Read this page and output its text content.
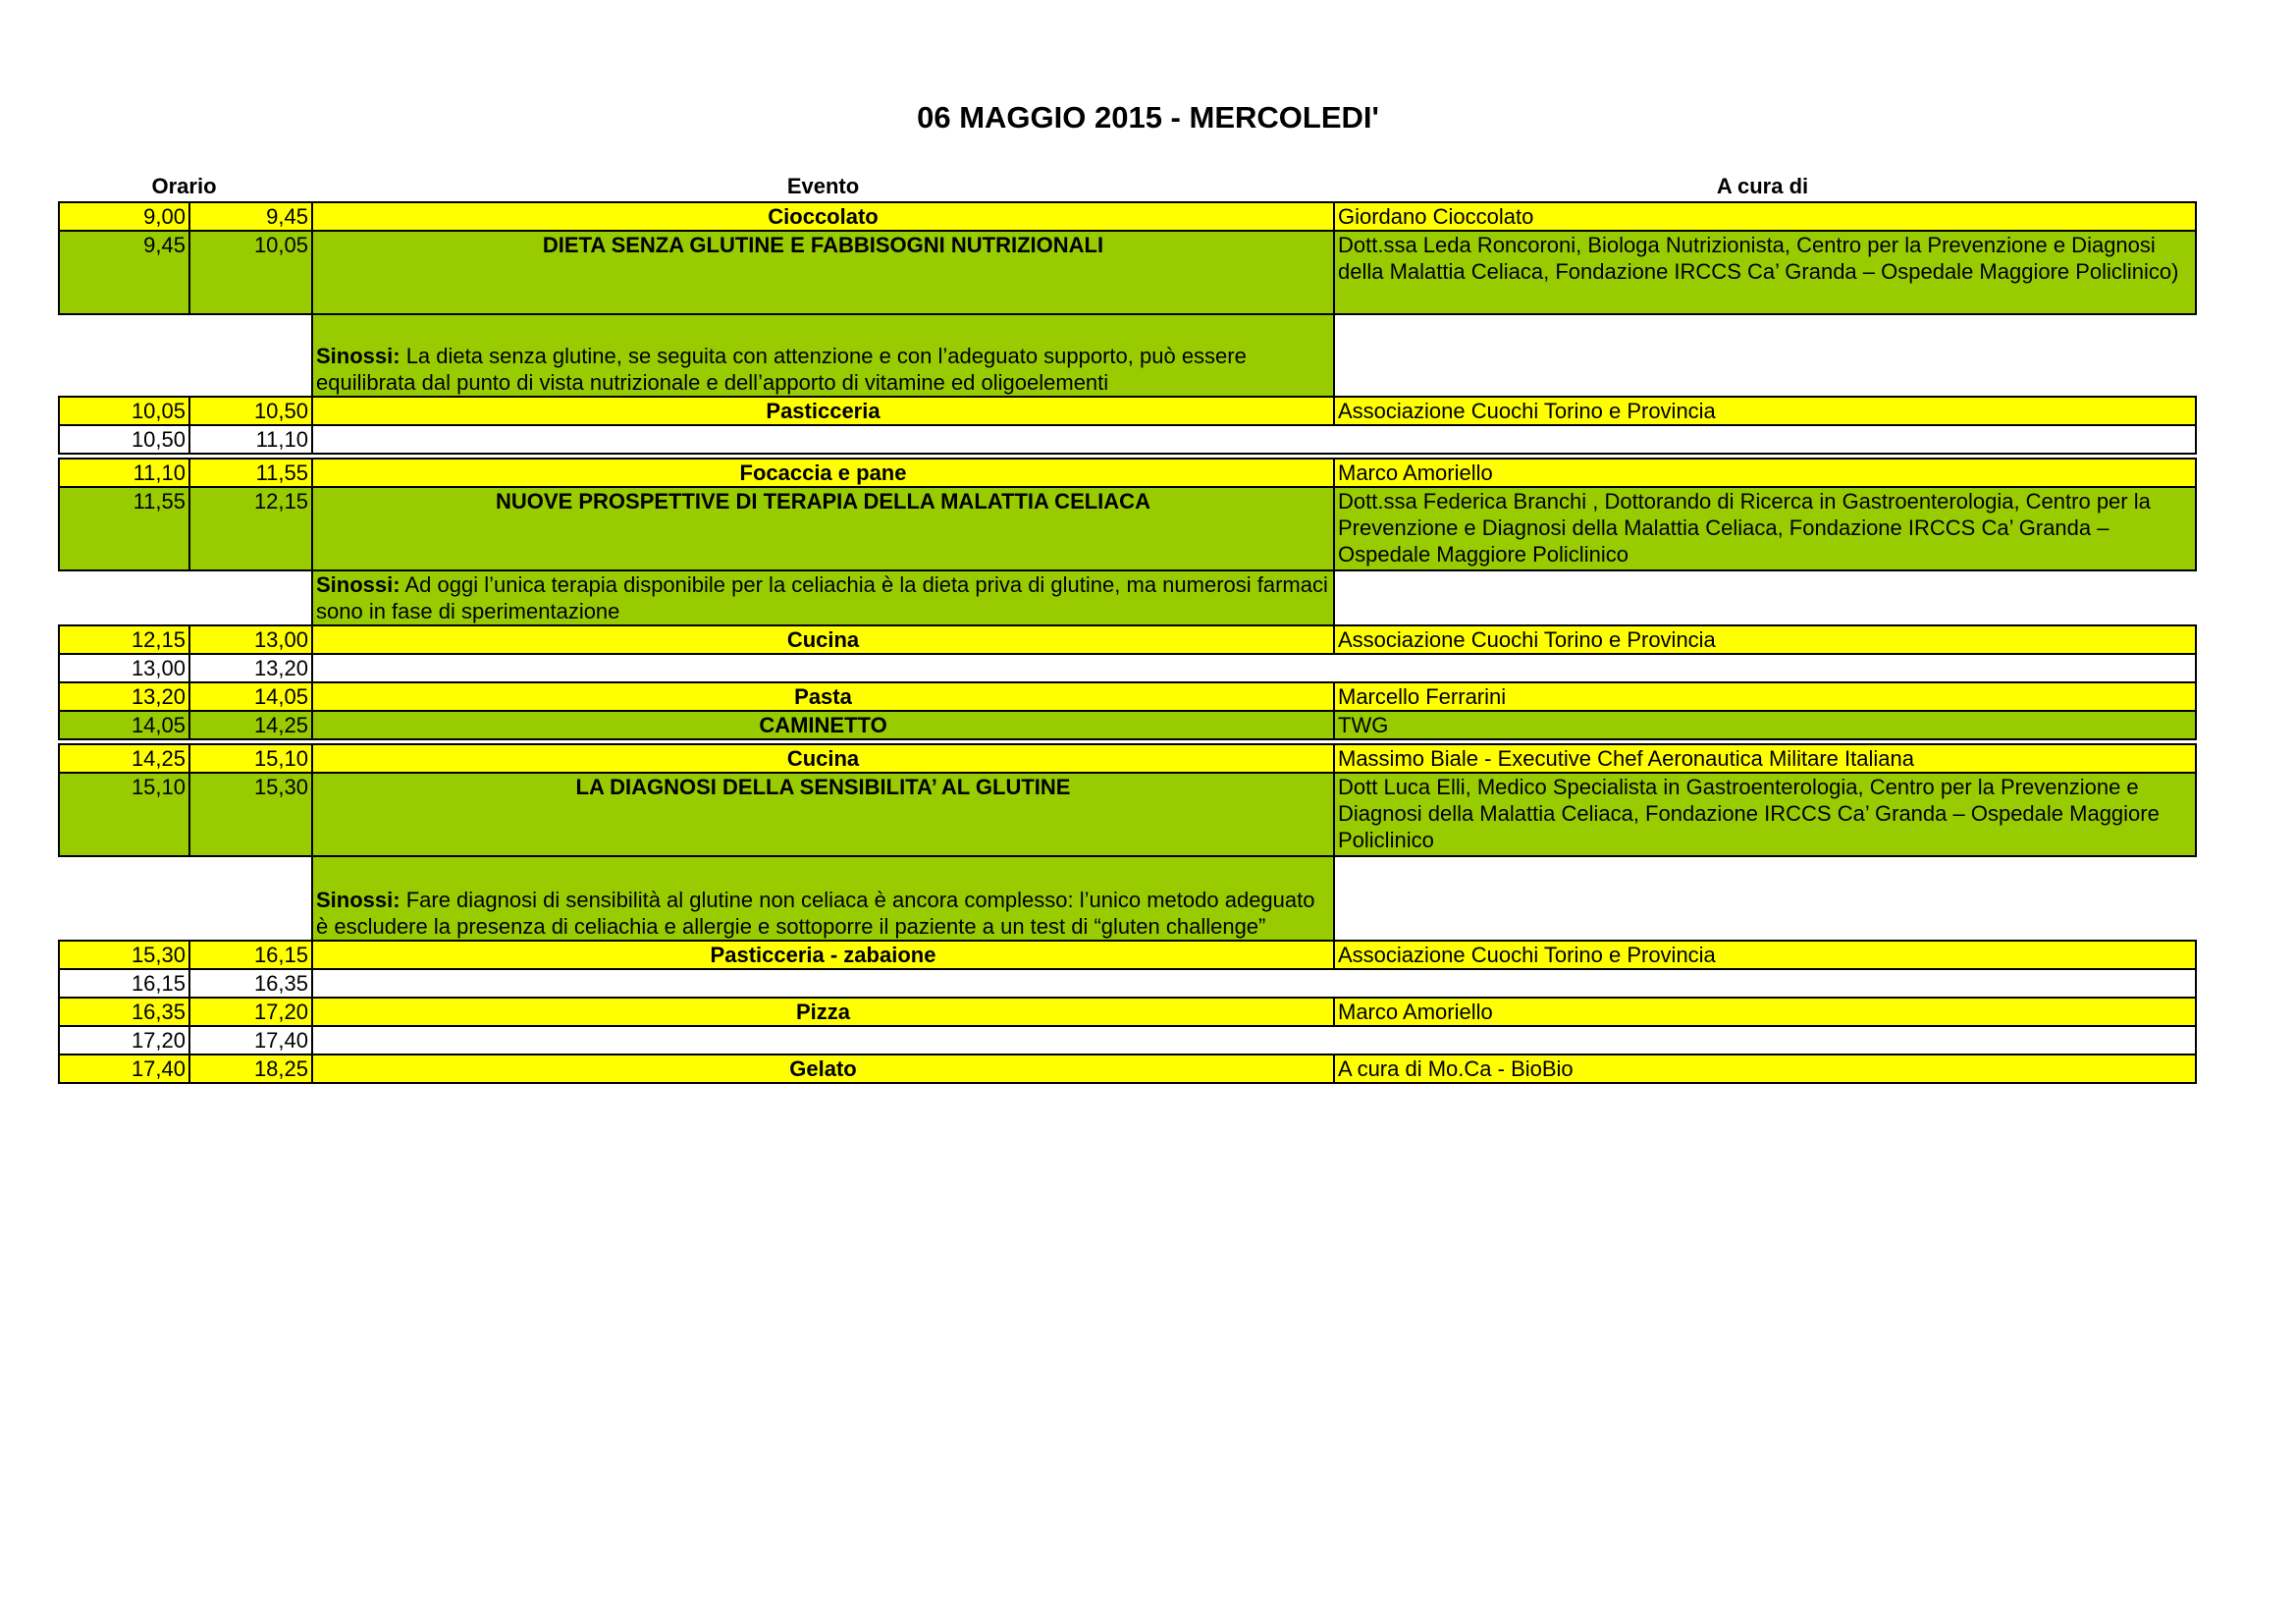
06 MAGGIO 2015 - MERCOLEDI'
Orario	Evento	A cura di
9,00	9,45	Cioccolato	Giordano Cioccolato
9,45	10,05	DIETA SENZA GLUTINE E FABBISOGNI NUTRIZIONALI	Dott.ssa Leda Roncoroni, Biologa Nutrizionista, Centro per la Prevenzione e Diagnosi della Malattia Celiaca, Fondazione IRCCS Ca’ Granda – Ospedale Maggiore Policlinico)
		Sinossi: La dieta senza glutine, se seguita con attenzione e con l’adeguato supporto, può essere equilibrata dal punto di vista nutrizionale e dell’apporto di vitamine ed oligoelementi	
10,05	10,50	Pasticceria	Associazione Cuochi Torino e Provincia
10,50	11,10		

11,10	11,55	Focaccia e pane	Marco Amoriello
11,55	12,15	NUOVE PROSPETTIVE DI TERAPIA DELLA MALATTIA CELIACA	Dott.ssa Federica Branchi , Dottorando di Ricerca in Gastroenterologia, Centro per la Prevenzione e Diagnosi della Malattia Celiaca, Fondazione IRCCS Ca’ Granda – Ospedale Maggiore Policlinico
		Sinossi: Ad oggi l’unica terapia disponibile per la celiachia è la dieta priva di glutine, ma numerosi farmaci sono in fase di sperimentazione	
12,15	13,00	Cucina	Associazione Cuochi Torino e Provincia
13,00	13,20		
13,20	14,05	Pasta	Marcello Ferrarini
14,05	14,25	CAMINETTO	TWG

14,25	15,10	Cucina	Massimo Biale - Executive Chef Aeronautica Militare Italiana
15,10	15,30	LA DIAGNOSI DELLA SENSIBILITA’ AL GLUTINE	Dott Luca Elli, Medico Specialista in Gastroenterologia, Centro per la Prevenzione e Diagnosi della Malattia Celiaca, Fondazione IRCCS Ca’ Granda – Ospedale Maggiore Policlinico
		Sinossi: Fare diagnosi di sensibilità al glutine non celiaca è ancora complesso: l’unico metodo adeguato è escludere la presenza di celiachia e allergie e sottoporre il paziente a un test di “gluten challenge”	
15,30	16,15	Pasticceria - zabaione	Associazione Cuochi Torino e Provincia
16,15	16,35		
16,35	17,20	Pizza	Marco Amoriello
17,20	17,40		
17,40	18,25	Gelato	A cura di Mo.Ca - BioBio
